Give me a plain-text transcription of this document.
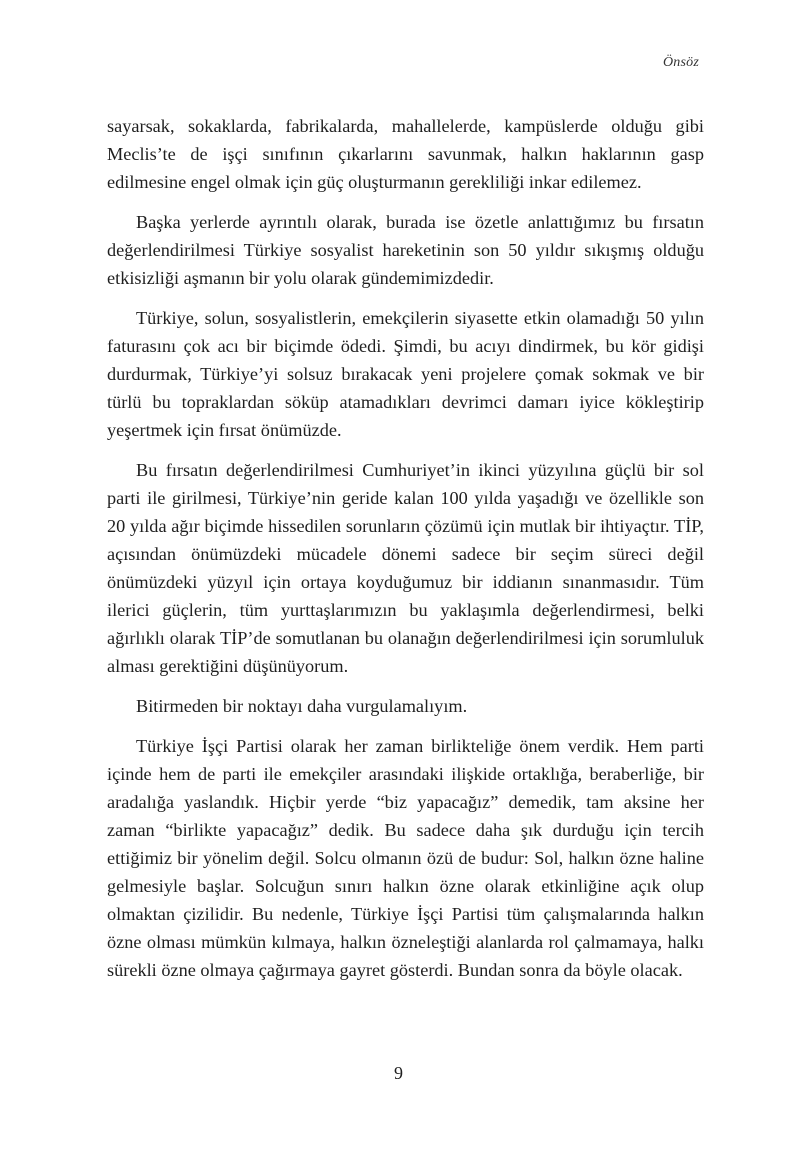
Önsöz

sayarsak, sokaklarda, fabrikalarda, mahallelerde, kampüslerde olduğu gibi Meclis’te de işçi sınıfının çıkarlarını savunmak, halkın haklarının gasp edilmesine engel olmak için güç oluşturmanın gerekliliği inkar edilemez.

Başka yerlerde ayrıntılı olarak, burada ise özetle anlattığımız bu fırsatın değerlendirilmesi Türkiye sosyalist hareketinin son 50 yıldır sıkışmış olduğu etkisizliği aşmanın bir yolu olarak gündemimizdedir.

Türkiye, solun, sosyalistlerin, emekçilerin siyasette etkin olamadığı 50 yılın faturasını çok acı bir biçimde ödedi. Şimdi, bu acıyı dindirmek, bu kör gidişi durdurmak, Türkiye’yi solsuz bırakacak yeni projelere çomak sokmak ve bir türlü bu topraklardan söküp atamadıkları devrimci damarı iyice kökleştirip yeşertmek için fırsat önümüzde.

Bu fırsatın değerlendirilmesi Cumhuriyet’in ikinci yüzyılına güçlü bir sol parti ile girilmesi, Türkiye’nin geride kalan 100 yılda yaşadığı ve özellikle son 20 yılda ağır biçimde hissedilen sorunların çözümü için mutlak bir ihtiyaçtır. TİP, açısından önümüzdeki mücadele dönemi sadece bir seçim süreci değil önümüzdeki yüzyıl için ortaya koyduğumuz bir iddianın sınanmasıdır. Tüm ilerici güçlerin, tüm yurttaşlarımızın bu yaklaşımla değerlendirmesi, belki ağırlıklı olarak TİP’de somutlanan bu olanağın değerlendirilmesi için sorumluluk alması gerektiğini düşünüyorum.

Bitirmeden bir noktayı daha vurgulamalıyım.

Türkiye İşçi Partisi olarak her zaman birlikteliğe önem verdik. Hem parti içinde hem de parti ile emekçiler arasındaki ilişkide ortaklığa, beraberliğe, bir aradalığa yaslandık. Hiçbir yerde “biz yapacağız” demedik, tam aksine her zaman “birlikte yapacağız” dedik. Bu sadece daha şık durduğu için tercih ettiğimiz bir yönelim değil. Solcu olmanın özü de budur: Sol, halkın özne haline gelmesiyle başlar. Solcuğun sınırı halkın özne olarak etkinliğine açık olup olmaktan çizilidir. Bu nedenle, Türkiye İşçi Partisi tüm çalışmalarında halkın özne olması mümkün kılmaya, halkın özneleştiği alanlarda rol çalmamaya, halkı sürekli özne olmaya çağırmaya gayret gösterdi. Bundan sonra da böyle olacak.

9
